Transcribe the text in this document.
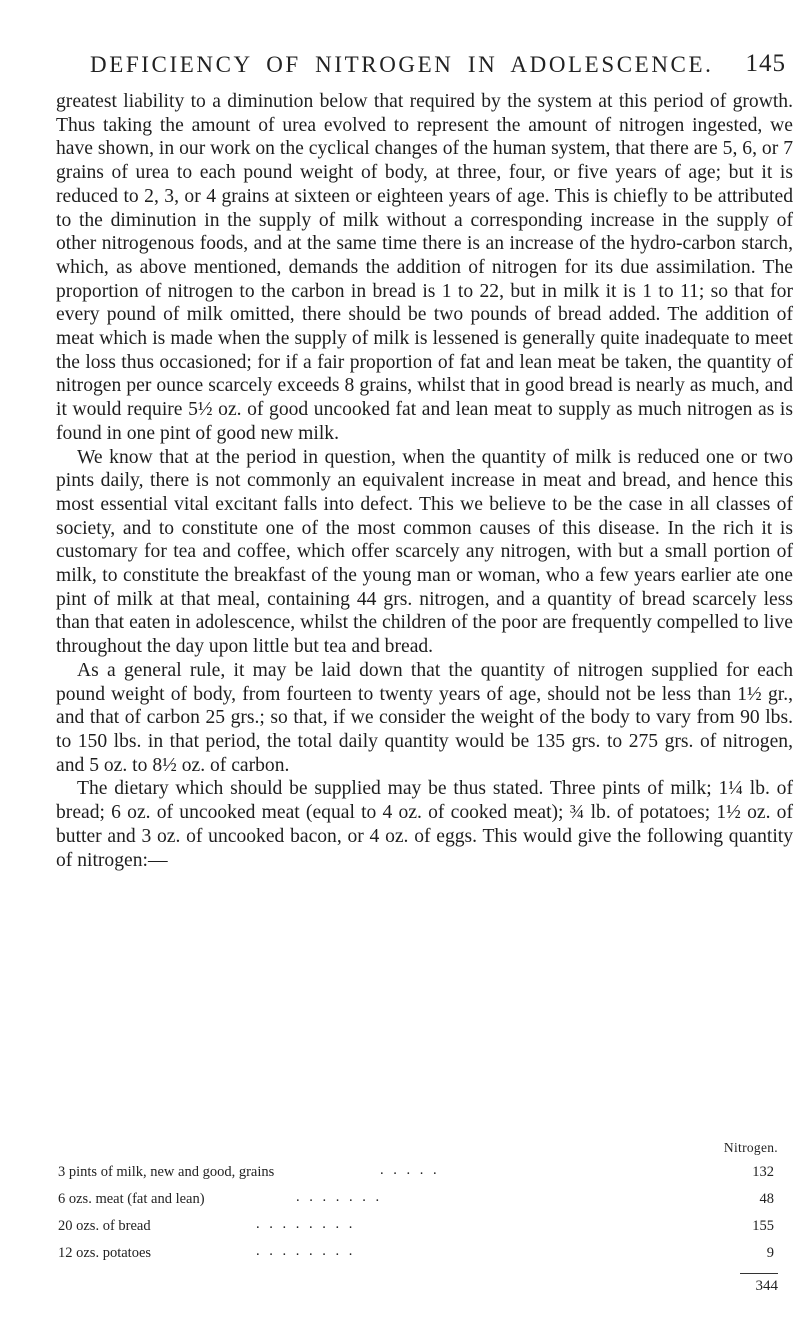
DEFICIENCY OF NITROGEN IN ADOLESCENCE. 145

greatest liability to a diminution below that required by the system at this period of growth. Thus taking the amount of urea evolved to represent the amount of nitrogen ingested, we have shown, in our work on the cyclical changes of the human system, that there are 5, 6, or 7 grains of urea to each pound weight of body, at three, four, or five years of age; but it is reduced to 2, 3, or 4 grains at sixteen or eighteen years of age. This is chiefly to be attributed to the diminution in the supply of milk without a corresponding increase in the supply of other nitrogenous foods, and at the same time there is an increase of the hydro-carbon starch, which, as above mentioned, demands the addition of nitrogen for its due assimilation. The proportion of nitrogen to the carbon in bread is 1 to 22, but in milk it is 1 to 11; so that for every pound of milk omitted, there should be two pounds of bread added. The addition of meat which is made when the supply of milk is lessened is generally quite inadequate to meet the loss thus occasioned; for if a fair proportion of fat and lean meat be taken, the quantity of nitrogen per ounce scarcely exceeds 8 grains, whilst that in good bread is nearly as much, and it would require 5½ oz. of good uncooked fat and lean meat to supply as much nitrogen as is found in one pint of good new milk.

We know that at the period in question, when the quantity of milk is reduced one or two pints daily, there is not commonly an equivalent increase in meat and bread, and hence this most essential vital excitant falls into defect. This we believe to be the case in all classes of society, and to constitute one of the most common causes of this disease. In the rich it is customary for tea and coffee, which offer scarcely any nitrogen, with but a small portion of milk, to constitute the breakfast of the young man or woman, who a few years earlier ate one pint of milk at that meal, containing 44 grs. nitrogen, and a quantity of bread scarcely less than that eaten in adolescence, whilst the children of the poor are frequently compelled to live throughout the day upon little but tea and bread.

As a general rule, it may be laid down that the quantity of nitrogen supplied for each pound weight of body, from fourteen to twenty years of age, should not be less than 1½ gr., and that of carbon 25 grs.; so that, if we consider the weight of the body to vary from 90 lbs. to 150 lbs. in that period, the total daily quantity would be 135 grs. to 275 grs. of nitrogen, and 5 oz. to 8½ oz. of carbon.

The dietary which should be supplied may be thus stated. Three pints of milk; 1¼ lb. of bread; 6 oz. of uncooked meat (equal to 4 oz. of cooked meat); ¾ lb. of potatoes; 1½ oz. of butter and 3 oz. of uncooked bacon, or 4 oz. of eggs. This would give the following quantity of nitrogen:—

Nitrogen.
3 pints of milk, new and good, grains	. . . . .	132
6 ozs. meat (fat and lean)	. . . . . . .	48
20 ozs. of bread	. . . . . . . .	155
12 ozs. potatoes	. . . . . . . .	9
344
